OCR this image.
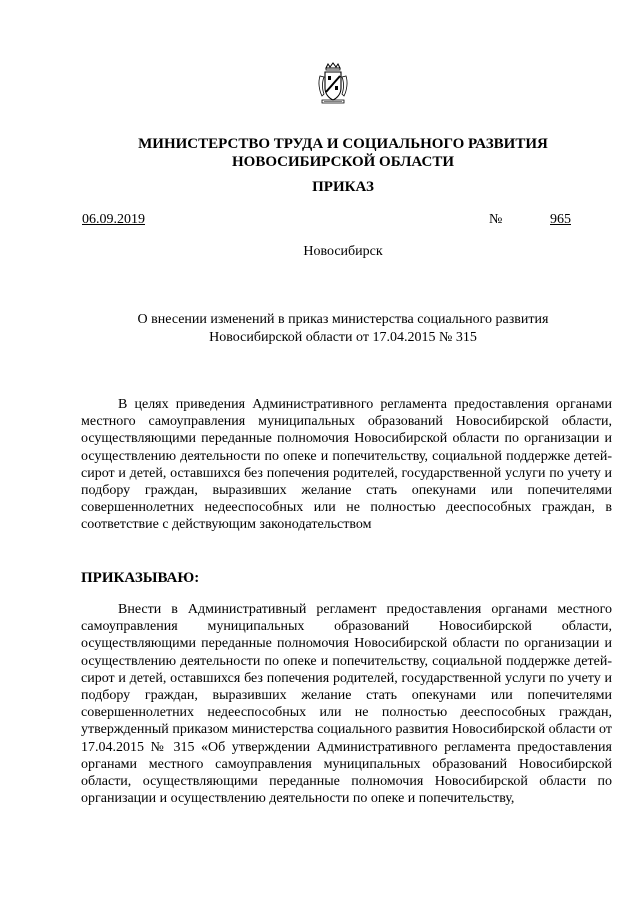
МИНИСТЕРСТВО ТРУДА И СОЦИАЛЬНОГО РАЗВИТИЯ
НОВОСИБИРСКОЙ ОБЛАСТИ
ПРИКАЗ
06.09.2019	№	965
Новосибирск
О внесении изменений в приказ министерства социального развития
Новосибирской области от 17.04.2015 № 315

В целях приведения Административного регламента предоставления органами местного самоуправления муниципальных образований Новосибирской области, осуществляющими переданные полномочия Новосибирской области по организации и осуществлению деятельности по опеке и попечительству, социальной поддержке детей-сирот и детей, оставшихся без попечения родителей, государственной услуги по учету и подбору граждан, выразивших желание стать опекунами или попечителями совершеннолетних недееспособных или не полностью дееспособных граждан, в соответствие с действующим законодательством

ПРИКАЗЫВАЮ:

Внести в Административный регламент предоставления органами местного самоуправления муниципальных образований Новосибирской области, осуществляющими переданные полномочия Новосибирской области по организации и осуществлению деятельности по опеке и попечительству, социальной поддержке детей-сирот и детей, оставшихся без попечения родителей, государственной услуги по учету и подбору граждан, выразивших желание стать опекунами или попечителями совершеннолетних недееспособных или не полностью дееспособных граждан, утвержденный приказом министерства социального развития Новосибирской области от 17.04.2015 № 315 «Об утверждении Административного регламента предоставления органами местного самоуправления муниципальных образований Новосибирской области, осуществляющими переданные полномочия Новосибирской области по организации и осуществлению деятельности по опеке и попечительству,
